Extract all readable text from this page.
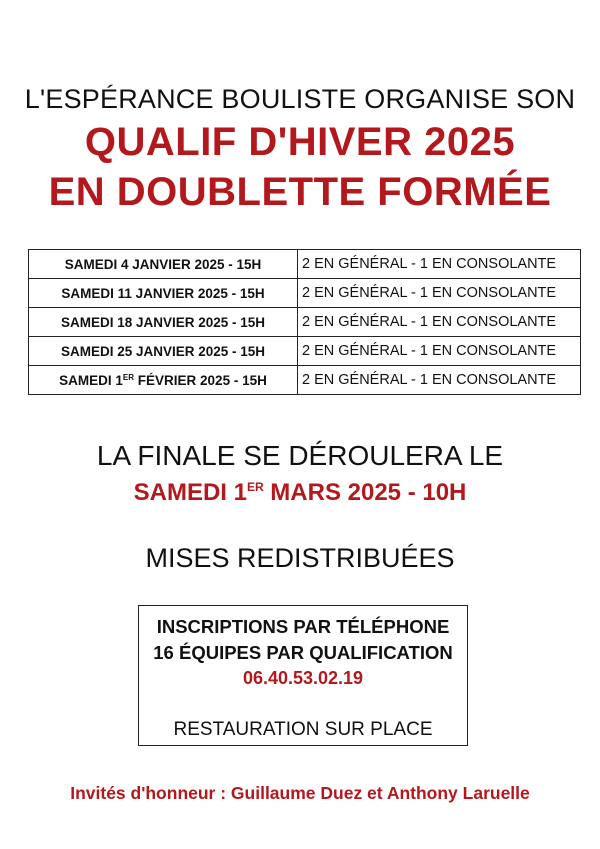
L'ESPÉRANCE BOULISTE ORGANISE SON
QUALIF D'HIVER 2025
EN DOUBLETTE FORMÉE
SAMEDI 4 JANVIER 2025 - 15H	2 EN GÉNÉRAL - 1 EN CONSOLANTE
SAMEDI 11 JANVIER 2025 - 15H	2 EN GÉNÉRAL - 1 EN CONSOLANTE
SAMEDI 18 JANVIER 2025 - 15H	2 EN GÉNÉRAL - 1 EN CONSOLANTE
SAMEDI 25 JANVIER 2025 - 15H	2 EN GÉNÉRAL - 1 EN CONSOLANTE
SAMEDI 1ER FÉVRIER 2025 - 15H	2 EN GÉNÉRAL - 1 EN CONSOLANTE
LA FINALE SE DÉROULERA LE
SAMEDI 1ER MARS 2025 - 10H
MISES REDISTRIBUÉES
INSCRIPTIONS PAR TÉLÉPHONE
16 ÉQUIPES PAR QUALIFICATION
06.40.53.02.19
RESTAURATION SUR PLACE
Invités d'honneur : Guillaume Duez et Anthony Laruelle
